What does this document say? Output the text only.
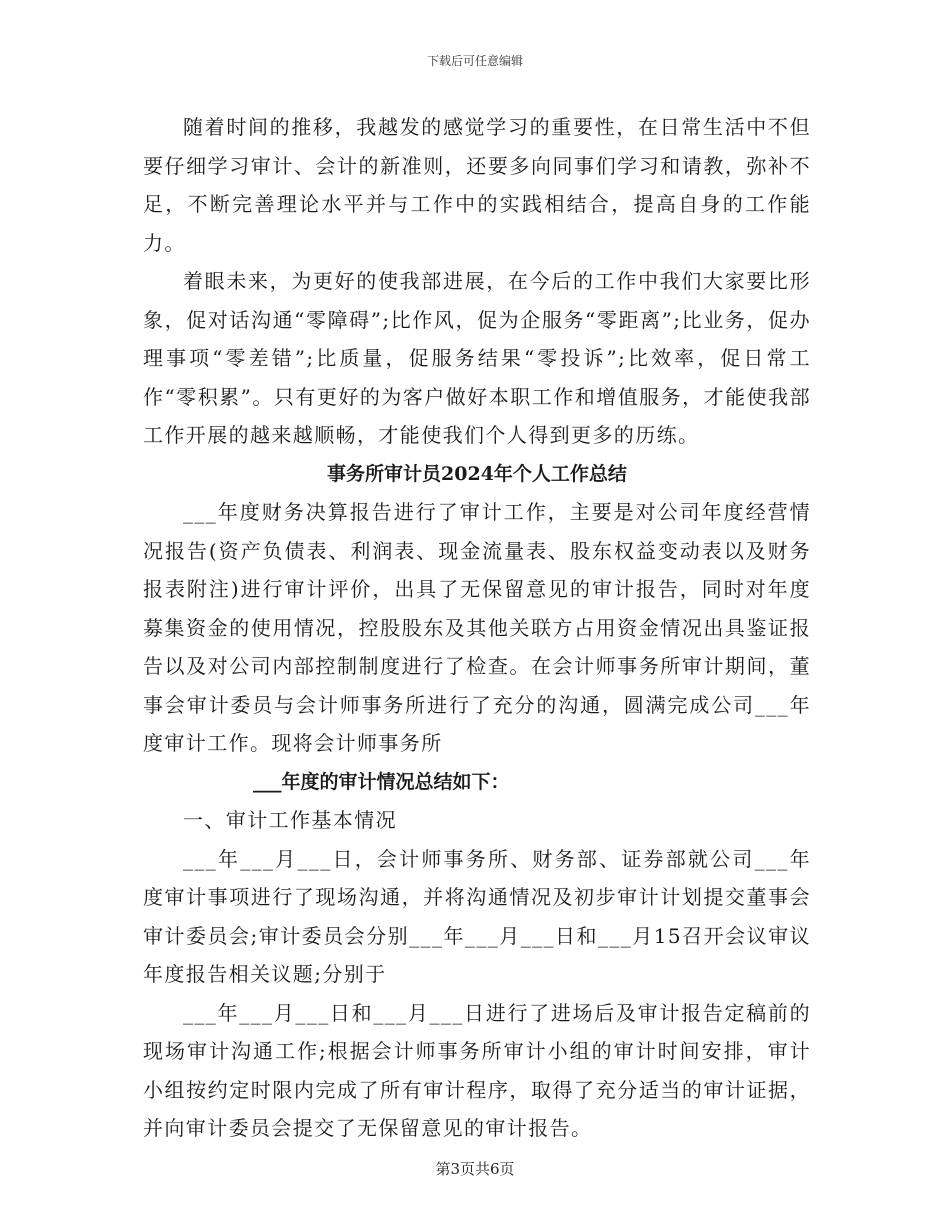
下载后可任意编辑

随着时间的推移，我越发的感觉学习的重要性，在日常生活中不但要仔细学习审计、会计的新准则，还要多向同事们学习和请教，弥补不足，不断完善理论水平并与工作中的实践相结合，提高自身的工作能力。

着眼未来，为更好的使我部进展，在今后的工作中我们大家要比形象，促对话沟通“零障碍”;比作风，促为企服务“零距离”;比业务，促办理事项“零差错”;比质量，促服务结果“零投诉”;比效率，促日常工作“零积累”。只有更好的为客户做好本职工作和增值服务，才能使我部工作开展的越来越顺畅，才能使我们个人得到更多的历练。

事务所审计员2024年个人工作总结

___年度财务决算报告进行了审计工作，主要是对公司年度经营情况报告(资产负债表、利润表、现金流量表、股东权益变动表以及财务报表附注)进行审计评价，出具了无保留意见的审计报告，同时对年度募集资金的使用情况，控股股东及其他关联方占用资金情况出具鉴证报告以及对公司内部控制制度进行了检查。在会计师事务所审计期间，董事会审计委员与会计师事务所进行了充分的沟通，圆满完成公司___年度审计工作。现将会计师事务所

___年度的审计情况总结如下：

一、审计工作基本情况

___年___月___日，会计师事务所、财务部、证券部就公司___年度审计事项进行了现场沟通，并将沟通情况及初步审计计划提交董事会审计委员会;审计委员会分别___年___月___日和___月15召开会议审议年度报告相关议题;分别于

___年___月___日和___月___日进行了进场后及审计报告定稿前的现场审计沟通工作;根据会计师事务所审计小组的审计时间安排，审计小组按约定时限内完成了所有审计程序，取得了充分适当的审计证据，并向审计委员会提交了无保留意见的审计报告。

第3页共6页
